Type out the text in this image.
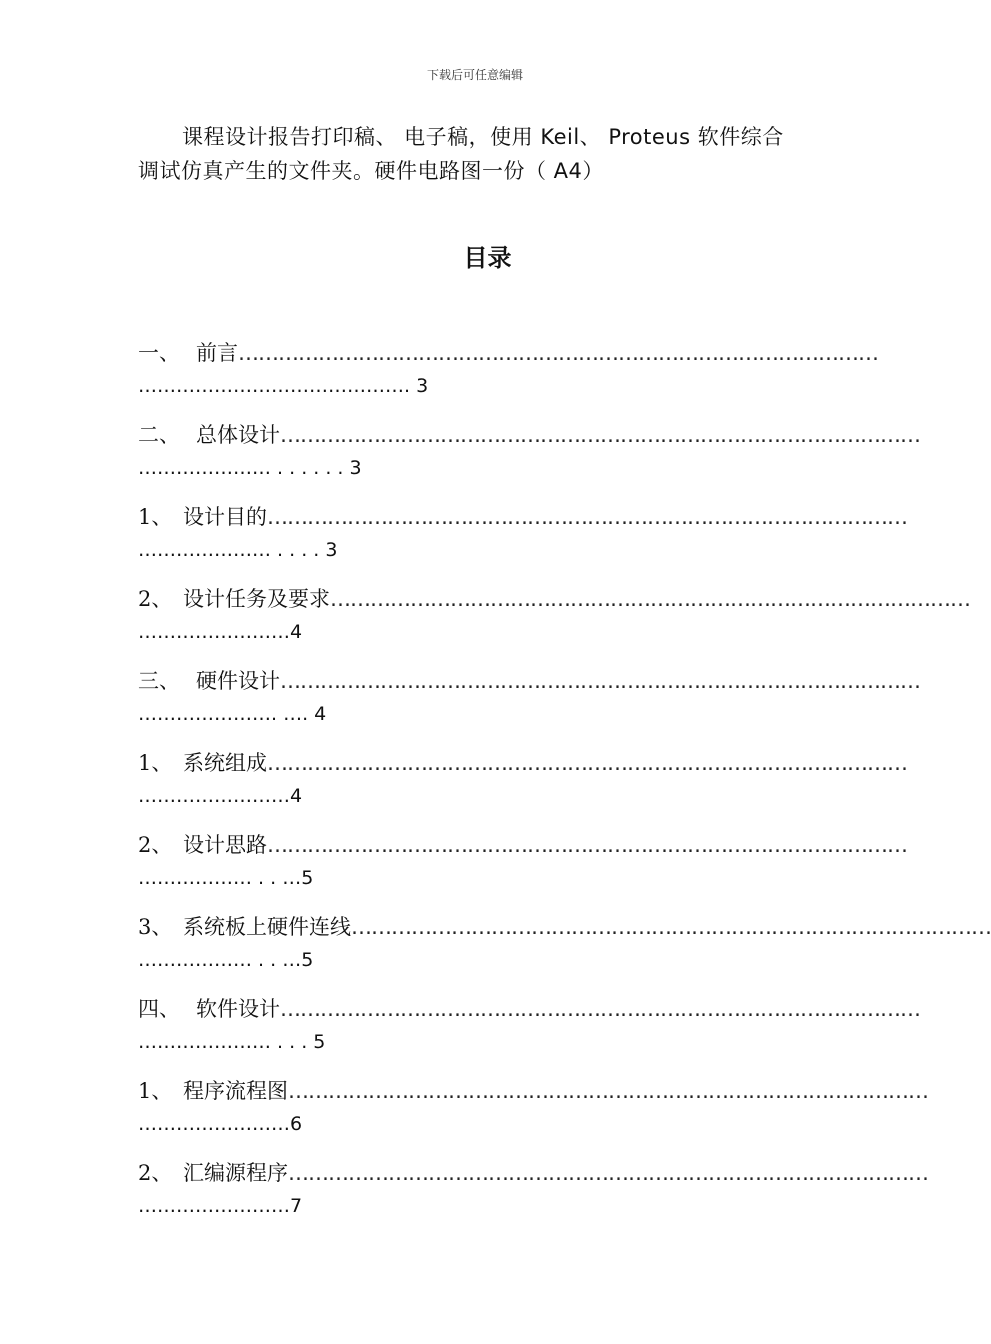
下载后可任意编辑
课程设计报告打印稿、 电子稿，使用 Keil、 Proteus 软件综合
调试仿真产生的文件夹。硬件电路图一份（ A4）
目录
一、 前言……………………………………………………………………………………
……………………………………. 3
二、 总体设计……………………………………………………………………………………
………………… . . . . . . 3
1、 设计目的……………………………………………………………………………………
………………… . . . . 3
2、 设计任务及要求……………………………………………………………………………………
……………………4
三、 硬件设计……………………………………………………………………………………
…………………. …. 4
1、 系统组成……………………………………………………………………………………
……………………4
2、 设计思路……………………………………………………………………………………
……………… . . …5
3、 系统板上硬件连线……………………………………………………………………………………
……………… . . …5
四、 软件设计……………………………………………………………………………………
………………… . . . 5
1、 程序流程图……………………………………………………………………………………
……………………6
2、 汇编源程序……………………………………………………………………………………
……………………7
